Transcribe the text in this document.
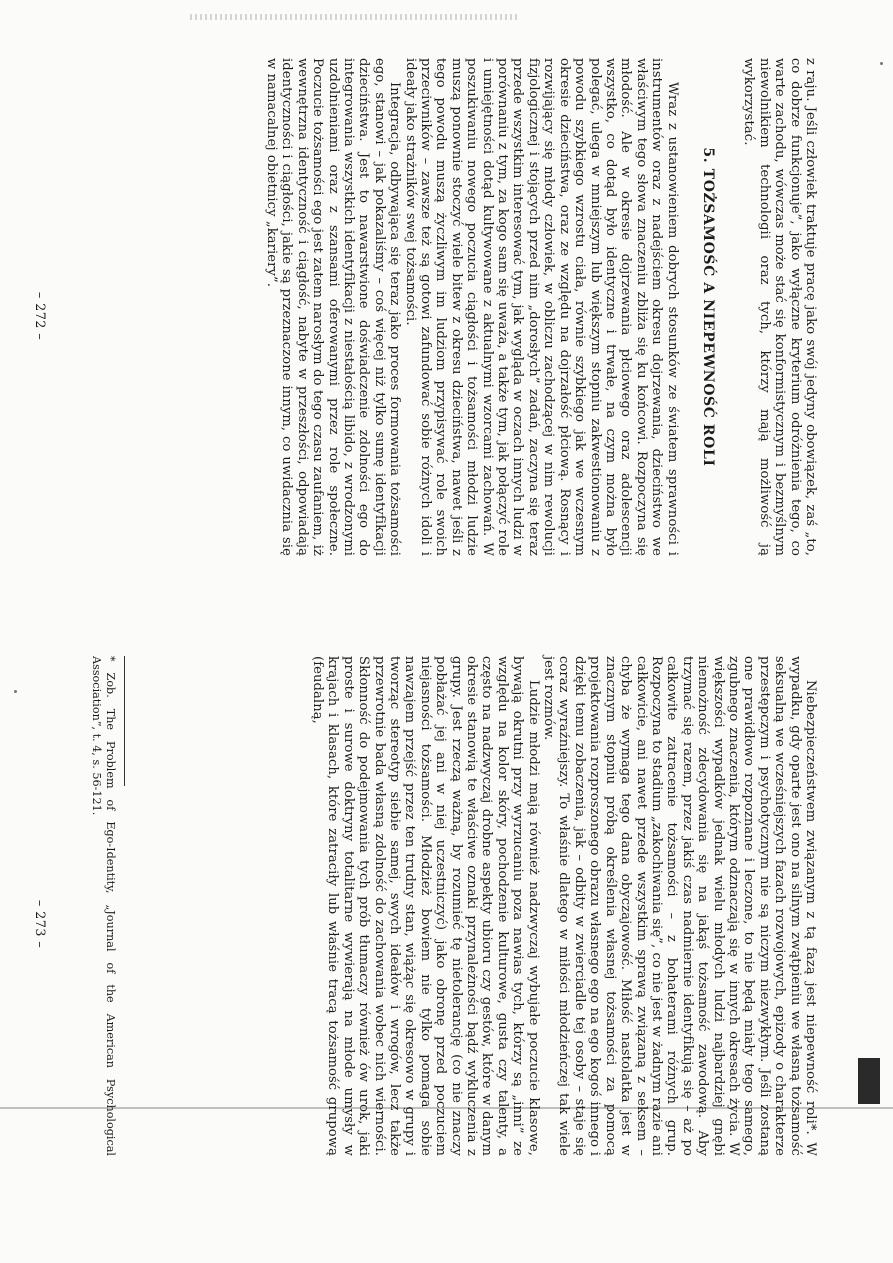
z raju. Jeśli człowiek traktuje pracę jako swój jedyny obowiązek, zaś „to, co dobrze funkcjonuje”, jako wyłączne kryterium odróżnienia tego, co warte zachodu, wówczas może stać się konformistycznym i bezmyślnym niewolnikiem technologii oraz tych, którzy mają możliwość ją wykorzystać.

5. TOŻSAMOŚĆ A NIEPEWNOŚĆ ROLI

Wraz z ustanowieniem dobrych stosunków ze światem sprawności i instrumentów oraz z nadejściem okresu dojrzewania, dzieciństwo we właściwym tego słowa znaczeniu zbliża się ku końcowi. Rozpoczyna się młodość. Ale w okresie dojrzewania płciowego oraz adolescencji wszystko, co dotąd było identyczne i trwałe, na czym można było polegać, ulega w mniejszym lub większym stopniu zakwestionowaniu z powodu szybkiego wzrostu ciała, równie szybkiego jak we wczesnym okresie dzieciństwa, oraz ze względu na dojrzałość płciową. Rosnący i rozwijający się młody człowiek, w obliczu zachodzącej w nim rewolucji fizjologicznej i stojących przed nim „dorosłych” zadań, zaczyna się teraz przede wszystkim interesować tym, jak wygląda w oczach innych ludzi w porównaniu z tym, za kogo sam się uważa, a także tym, jak połączyć role i umiejętności dotąd kultywowane z aktualnymi wzorcami zachowań. W poszukiwaniu nowego poczucia ciągłości i tożsamości młodzi ludzie muszą ponownie stoczyć wiele bitew z okresu dzieciństwa, nawet jeśli z tego powodu muszą życzliwym im ludziom przypisywać role swoich przeciwników – zawsze też są gotowi zafundować sobie różnych idoli i ideały jako strażników swej tożsamości.

Integracja, odbywająca się teraz jako proces formowania tożsamości ego, stanowi – jak pokazaliśmy – coś więcej niż tylko sumę identyfikacji dzieciństwa. Jest to nawarstwione doświadczenie zdolności ego do integrowania wszystkich identyfikacji z niestałością libido, z wrodzonymi uzdolnieniami oraz z szansami oferowanymi przez role społeczne. Poczucie tożsamości ego jest zatem narosłym do tego czasu zaufaniem, iż wewnętrzna identyczność i ciągłość, nabyte w przeszłości, odpowiadają identyczności i ciągłości, jakie są przeznaczone innym, co uwidacznia się w namacalnej obietnicy „kariery”.

– 272 –

Niebezpieczeństwem związanym z tą fazą jest niepewność roli*. W wypadku, gdy oparte jest ono na silnym zwątpieniu we własną tożsamość seksualną we wcześniejszych fazach rozwojowych, epizody o charakterze przestępczym i psychotycznym nie są niczym niezwykłym. Jeśli zostaną one prawidłowo rozpoznane i leczone, to nie będą miały tego samego, zgubnego znaczenia, którym odznaczają się w innych okresach życia. W większości wypadków jednak wielu młodych ludzi najbardziej gnębi niemożność zdecydowania się na jakąś tożsamość zawodową. Aby trzymać się razem, przez jakiś czas nadmiernie identyfikują się – aż po całkowite zatracenie tożsamości – z bohaterami różnych grup. Rozpoczyna to stadium „zakochiwania się”, co nie jest w żadnym razie ani całkowicie, ani nawet przede wszystkim sprawą związaną z seksem – chyba że wymaga tego dana obyczajowość. Miłość nastolatka jest w znacznym stopniu próbą określenia własnej tożsamości za pomocą projektowania rozproszonego obrazu własnego ego na ego kogoś innego i dzięki temu zobaczenia, jak – odbity w zwierciadle tej osoby – staje się coraz wyraźniejszy. To właśnie dlatego w miłości młodzieńczej tak wiele jest rozmów.

Ludzie młodzi mają również nadzwyczaj wybujałe poczucie klasowe, bywają okrutni przy wyrzucaniu poza nawias tych, którzy są „inni” ze względu na kolor skóry, pochodzenie kulturowe, gusta czy talenty, a często na nadzwyczaj drobne aspekty ubioru czy gestów, które w danym okresie stanowią te właściwe oznaki przynależności bądź wykluczenia z grupy. Jest rzeczą ważną, by rozumieć tę nietolerancję (co nie znaczy pobłażać jej ani w niej uczestniczyć) jako obronę przed poczuciem niejasności tożsamości. Młodzież bowiem nie tylko pomaga sobie nawzajem przejść przez ten trudny stan, wiążąc się okresowo w grupy i tworząc stereotyp siebie samej, swych ideałów i wrogów, lecz także przewrotnie bada własną zdolność do zachowania wobec nich wierności. Skłonność do podejmowania tych prób tłumaczy również ów urok, jaki proste i surowe doktryny totalitarne wywierają na młode umysły w krajach i klasach, które zatraciły lub właśnie tracą tożsamość grupową (feudalną,

* Zob. The Problem of Ego-Identity, „Journal of the American Psychological Association”, t. 4, s. 56-121.
– 273 –
